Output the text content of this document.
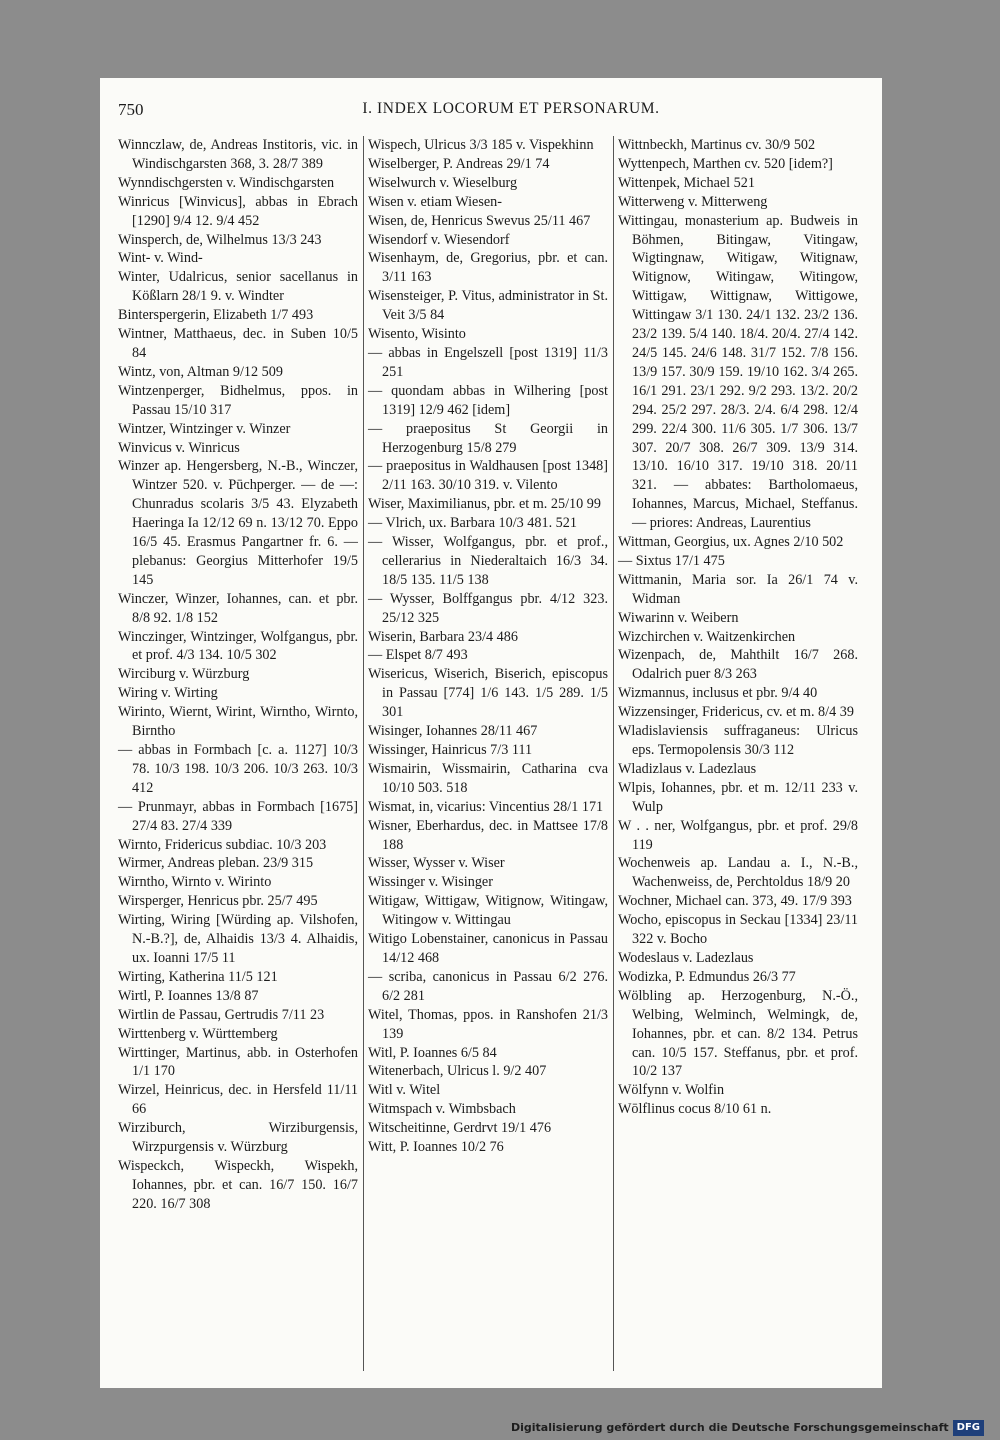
750	I. INDEX LOCORUM ET PERSONARUM.
Winnczlaw, de, Andreas Institoris, vic. in Windischgarsten 368, 3. 28/7 389
Wynndischgersten v. Windischgarsten
Winricus [Winvicus], abbas in Ebrach [1290] 9/4 12. 9/4 452
Winsperch, de, Wilhelmus 13/3 243
Wint- v. Wind-
Winter, Udalricus, senior sacellanus in Kößlarn 28/1 9. v. Windter
Binterspergerin, Elizabeth 1/7 493
Wintner, Matthaeus, dec. in Suben 10/5 84
Wintz, von, Altman 9/12 509
Wintzenperger, Bidhelmus, ppos. in Passau 15/10 317
Wintzer, Wintzinger v. Winzer
Winvicus v. Winricus
Winzer ap. Hengersberg, N.-B., Winczer, Wintzer 520. v. Pūchperger. — de —: Chunradus scolaris 3/5 43. Elyzabeth Haeringa Ia 12/12 69 n. 13/12 70. Eppo 16/5 45. Erasmus Pangartner fr. 6. — plebanus: Georgius Mitterhofer 19/5 145
Winczer, Winzer, Iohannes, can. et pbr. 8/8 92. 1/8 152
Winczinger, Wintzinger, Wolfgangus, pbr. et prof. 4/3 134. 10/5 302
Wirciburg v. Würzburg
Wiring v. Wirting
Wirinto, Wiernt, Wirint, Wirnthо, Wirnto, Birntho
— abbas in Formbach [c. a. 1127] 10/3 78. 10/3 198. 10/3 206. 10/3 263. 10/3 412
— Prunmayr, abbas in Formbach [1675] 27/4 83. 27/4 339
Wirnto, Fridericus subdiac. 10/3 203
Wirmer, Andreas pleban. 23/9 315
Wirntho, Wirnto v. Wirinto
Wirsperger, Henricus pbr. 25/7 495
Wirting, Wiring [Würding ap. Vilshofen, N.-B.?], de, Alhaidis 13/3 4. Alhaidis, ux. Ioanni 17/5 11
Wirting, Katherina 11/5 121
Wirtl, P. Ioannes 13/8 87
Wirtlin de Passau, Gertrudis 7/11 23
Wirttenberg v. Württemberg
Wirttinger, Martinus, abb. in Osterhofen 1/1 170
Wirzel, Heinricus, dec. in Hersfeld 11/11 66
Wirziburch, Wirziburgensis, Wirzpurgensis v. Würzburg
Wispeckch, Wispeckh, Wispekh, Iohannes, pbr. et can. 16/7 150. 16/7 220. 16/7 308
Wispech, Ulricus 3/3 185 v. Vispekhinn
Wiselberger, P. Andreas 29/1 74
Wiselwurch v. Wieselburg
Wisen v. etiam Wiesen-
Wisen, de, Henricus Swevus 25/11 467
Wisendorf v. Wiesendorf
Wisenhaym, de, Gregorius, pbr. et can. 3/11 163
Wisensteiger, P. Vitus, administrator in St. Veit 3/5 84
Wisento, Wisinto
— abbas in Engelszell [post 1319] 11/3 251
— quondam abbas in Wilhering [post 1319] 12/9 462 [idem]
— praepositus St Georgii in Herzogenburg 15/8 279
— praepositus in Waldhausen [post 1348] 2/11 163. 30/10 319. v. Vilento
Wiser, Maximilianus, pbr. et m. 25/10 99
— Vlrich, ux. Barbara 10/3 481. 521
— Wisser, Wolfgangus, pbr. et prof., cellerarius in Niederaltaich 16/3 34. 18/5 135. 11/5 138
— Wysser, Bolffgangus pbr. 4/12 323. 25/12 325
Wiserin, Barbara 23/4 486
— Elspet 8/7 493
Wisericus, Wiserich, Biserich, episcopus in Passau [774] 1/6 143. 1/5 289. 1/5 301
Wisinger, Iohannes 28/11 467
Wissinger, Hainricus 7/3 111
Wismairin, Wissmairin, Catharina cva 10/10 503. 518
Wismat, in, vicarius: Vincentius 28/1 171
Wisner, Eberhardus, dec. in Mattsee 17/8 188
Wisser, Wysser v. Wiser
Wissinger v. Wisinger
Witigaw, Wittigaw, Witignow, Witingaw, Witingow v. Wittingau
Witigo Lobenstainer, canonicus in Passau 14/12 468
— scriba, canonicus in Passau 6/2 276. 6/2 281
Witel, Thomas, ppos. in Ranshofen 21/3 139
Witl, P. Ioannes 6/5 84
Witenerbach, Ulricus l. 9/2 407
Witl v. Witel
Witmspach v. Wimbsbach
Witscheitinne, Gerdrvt 19/1 476
Witt, P. Ioannes 10/2 76
Wittnbeckh, Martinus cv. 30/9 502
Wyttenpech, Marthen cv. 520 [idem?]
Wittenpek, Michael 521
Witterweng v. Mitterweng
Wittingau, monasterium ap. Budweis in Böhmen, Bitingaw, Vitingaw, Wigtingnaw, Witigaw, Witignaw, Witignow, Witingaw, Witingow, Wittigaw, Wittignaw, Wittigowe, Wittingaw 3/1 130. 24/1 132. 23/2 136. 23/2 139. 5/4 140. 18/4. 20/4. 27/4 142. 24/5 145. 24/6 148. 31/7 152. 7/8 156. 13/9 157. 30/9 159. 19/10 162. 3/4 265. 16/1 291. 23/1 292. 9/2 293. 13/2. 20/2 294. 25/2 297. 28/3. 2/4. 6/4 298. 12/4 299. 22/4 300. 11/6 305. 1/7 306. 13/7 307. 20/7 308. 26/7 309. 13/9 314. 13/10. 16/10 317. 19/10 318. 20/11 321. — abbates: Bartholomaeus, Iohannes, Marcus, Michael, Steffanus. — priores: Andreas, Laurentius
Wittman, Georgius, ux. Agnes 2/10 502
— Sixtus 17/1 475
Wittmanin, Maria sor. Ia 26/1 74 v. Widman
Wiwarinn v. Weibern
Wizchirchen v. Waitzenkirchen
Wizenpach, de, Mahthilt 16/7 268. Odalrich puer 8/3 263
Wizmannus, inclusus et pbr. 9/4 40
Wizzensinger, Fridericus, cv. et m. 8/4 39
Wladislaviensis suffraganeus: Ulricus eps. Termopolensis 30/3 112
Wladizlaus v. Ladezlaus
Wlpis, Iohannes, pbr. et m. 12/11 233 v. Wulp
W . . ner, Wolfgangus, pbr. et prof. 29/8 119
Wochenweis ap. Landau a. I., N.-B., Wachenweiss, de, Perchtoldus 18/9 20
Wochner, Michael can. 373, 49. 17/9 393
Wocho, episcopus in Seckau [1334] 23/11 322 v. Bocho
Wodeslaus v. Ladezlaus
Wodizka, P. Edmundus 26/3 77
Wölbling ap. Herzogenburg, N.-Ö., Welbing, Welminch, Welmingk, de, Iohannes, pbr. et can. 8/2 134. Petrus can. 10/5 157. Steffanus, pbr. et prof. 10/2 137
Wölfynn v. Wolfin
Wōlflinus cocus 8/10 61 n.
Digitalisierung gefördert durch die Deutsche Forschungsgemeinschaft DFG
